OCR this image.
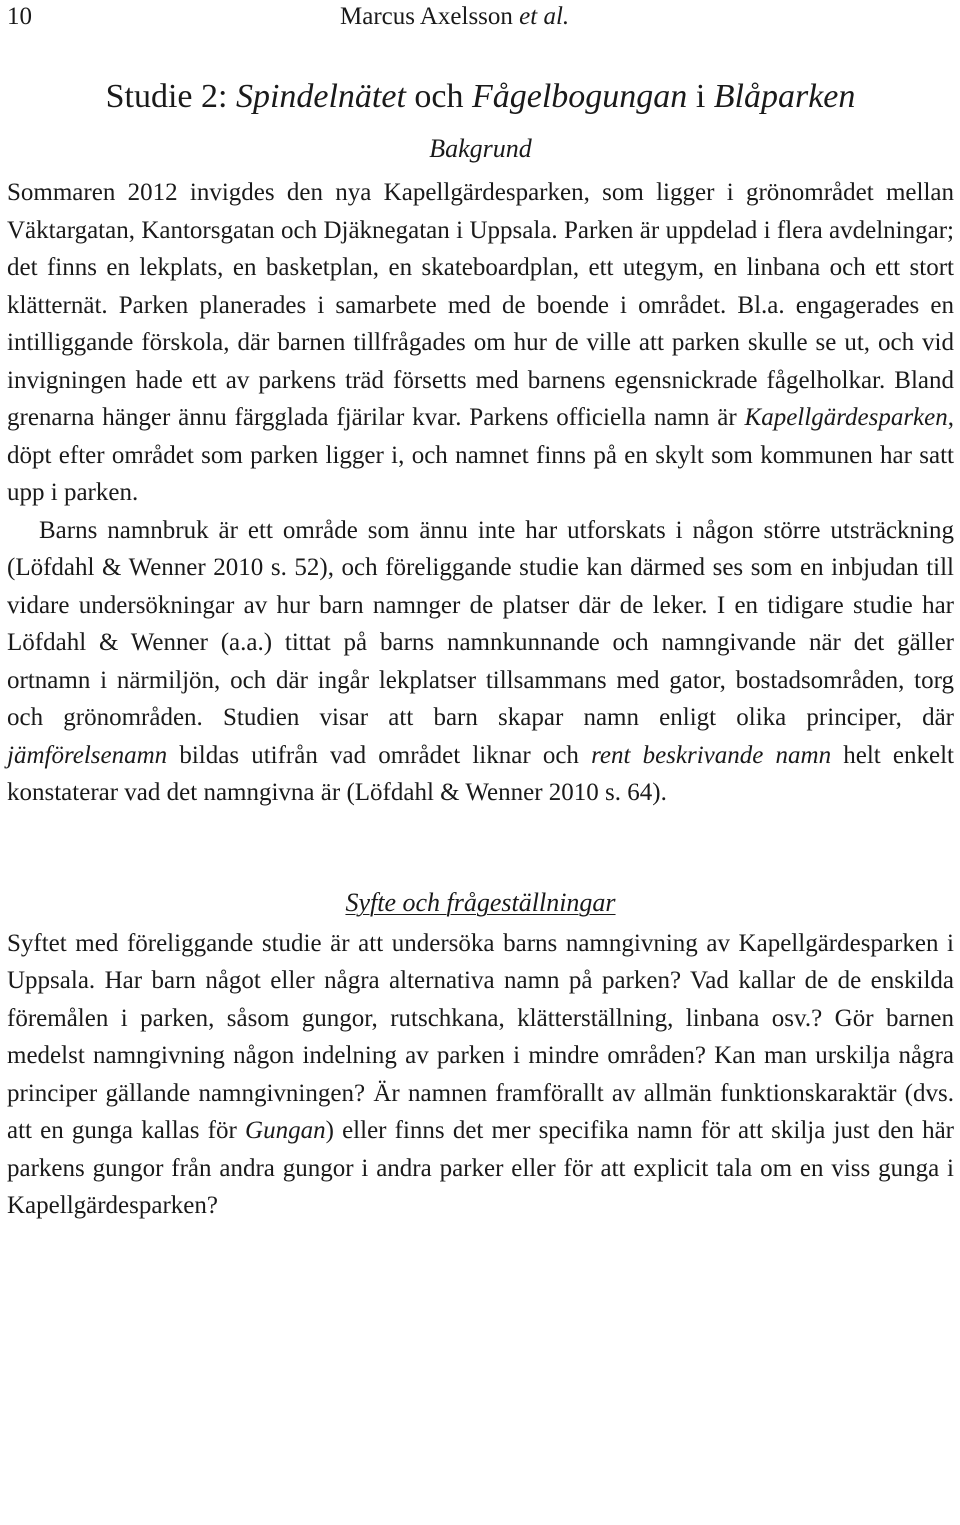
10	Marcus Axelsson et al.
Studie 2: Spindelnätet och Fågelbogungan i Blåparken
Bakgrund

Sommaren 2012 invigdes den nya Kapellgärdesparken, som ligger i grönområdet mellan Väktargatan, Kantorsgatan och Djäknegatan i Uppsala. Parken är uppdelad i flera avdelningar; det finns en lekplats, en basketplan, en skateboardplan, ett utegym, en linbana och ett stort klätternät. Parken planerades i samarbete med de boende i området. Bl.a. engagerades en intilliggande förskola, där barnen tillfrågades om hur de ville att parken skulle se ut, och vid invigningen hade ett av parkens träd försetts med barnens egensnickrade fågelholkar. Bland grenarna hänger ännu färgglada fjärilar kvar. Parkens officiella namn är Kapellgärdesparken, döpt efter området som parken ligger i, och namnet finns på en skylt som kommunen har satt upp i parken.

Barns namnbruk är ett område som ännu inte har utforskats i någon större utsträckning (Löfdahl & Wenner 2010 s. 52), och föreliggande studie kan därmed ses som en inbjudan till vidare undersökningar av hur barn namnger de platser där de leker. I en tidigare studie har Löfdahl & Wenner (a.a.) tittat på barns namnkunnande och namngivande när det gäller ortnamn i närmiljön, och där ingår lekplatser tillsammans med gator, bostadsområden, torg och grönområden. Studien visar att barn skapar namn enligt olika principer, där jämförelsenamn bildas utifrån vad området liknar och rent beskrivande namn helt enkelt konstaterar vad det namngivna är (Löfdahl & Wenner 2010 s. 64).

Syfte och frågeställningar

Syftet med föreliggande studie är att undersöka barns namngivning av Kapellgärdesparken i Uppsala. Har barn något eller några alternativa namn på parken? Vad kallar de de enskilda föremålen i parken, såsom gungor, rutschkana, klätterställning, linbana osv.? Gör barnen medelst namngivning någon indelning av parken i mindre områden? Kan man urskilja några principer gällande namngivningen? Är namnen framförallt av allmän funktionskaraktär (dvs. att en gunga kallas för Gungan) eller finns det mer specifika namn för att skilja just den här parkens gungor från andra gungor i andra parker eller för att explicit tala om en viss gunga i Kapellgärdesparken?
